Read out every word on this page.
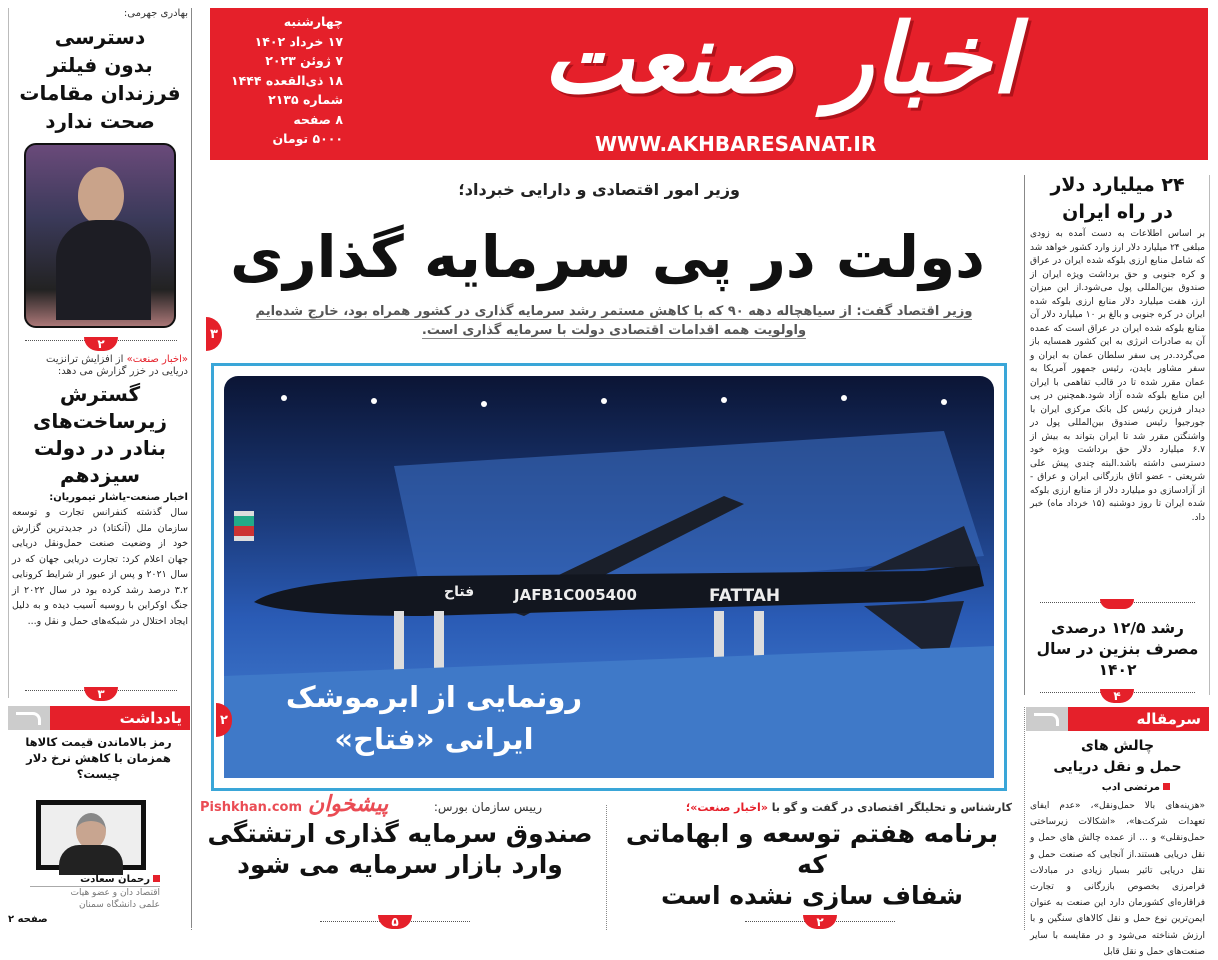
چهارشنبه
۱۷ خرداد ۱۴۰۲
۷ ژوئن ۲۰۲۳
۱۸ ذی‌القعده ۱۴۴۴
شماره ۲۱۳۵
۸ صفحه
۵۰۰۰ تومان
اخبار صنعت
WWW.AKHBARESANAT.IR
وزیر امور اقتصادی و دارایی خبرداد؛
دولت در پی سرمایه گذاری
وزیر اقتصاد گفت: از سیاهچاله دهه ۹۰ که با کاهش مستمر رشد سرمایه گذاری در کشور همراه بود، خارج شده‌ایم
واولویت همه اقدامات اقتصادی دولت با سرمایه گذاری است.
۳
JAFB1C005400	FATTAH
فتاح
رونمایی از ابرموشک
ایرانی «فتاح»
۲
کارشناس و تحلیلگر اقتصادی در گفت و گو با «اخبار صنعت»؛
برنامه هفتم توسعه و ابهاماتی که
شفاف سازی نشده است
۲
رییس سازمان بورس:
صندوق سرمایه گذاری ارتشتگی
وارد بازار سرمایه می شود
۵
Pishkhan.com پیشخوان
بهادری جهرمی:
دسترسی
بدون فیلتر
فرزندان مقامات
صحت ندارد
۲
«اخبار صنعت» از افزایش ترانزیت
دریایی در خزر گزارش می دهد:
گسترش
زیرساخت‌های
بنادر در دولت
سیزدهم
اخبار صنعت-یاشار تیموریان:
سال گذشته کنفرانس تجارت و توسعه سازمان ملل (آنکتاد) در جدیدترین گزارش خود از وضعیت صنعت حمل‌ونقل دریایی جهان اعلام کرد: تجارت دریایی جهان که در سال ۲۰۲۱ و پس از عبور از شرایط کرونایی ۳.۲ درصد رشد کرده بود در سال ۲۰۲۲ از جنگ اوکراین با روسیه آسیب دیده و به دلیل ایجاد اختلال در شبکه‌های حمل و نقل و...
۳
یادداشت
رمز بالاماندن قیمت کالاها
همزمان با کاهش نرخ دلار چیست؟
رحمان سعادت
اقتصاد دان و عضو هیات
علمی دانشگاه سمنان
صفحه ۲
۲۴ میلیارد دلار
در راه ایران
بر اساس اطلاعات به دست آمده به زودی مبلغی ۲۴ میلیارد دلار ارز وارد کشور خواهد شد که شامل منابع ارزی بلوکه شده ایران در عراق و کره جنوبی و حق برداشت ویژه ایران از صندوق بین‌المللی پول می‌شود.از این میزان ارز، هفت میلیارد دلار منابع ارزی بلوکه شده ایران در کره جنوبی و بالغ بر ۱۰ میلیارد دلار آن منابع بلوکه شده ایران در عراق است که عمده آن به صادرات انرژی به این کشور همسایه باز می‌گردد.در پی سفر سلطان عمان به ایران و سفر مشاور بایدن، رئیس جمهور آمریکا به عمان مقرر شده تا در قالب تفاهمی با ایران این منابع بلوکه شده آزاد شود.همچنین در پی دیدار فرزین رئیس کل بانک مرکزی ایران با جورجیوا رئیس صندوق بین‌المللی پول در واشنگتن مقرر شد تا ایران بتواند به بیش از ۶.۷ میلیارد دلار حق برداشت ویژه خود دسترسی داشته باشد.البته چندی پیش علی شریعتی - عضو اتاق بازرگانی ایران و عراق - از آزادسازی دو میلیارد دلار از منابع ارزی بلوکه شده ایران تا روز دوشنبه (۱۵ خرداد ماه) خبر داد.
رشد ۱۲/۵ درصدی
مصرف بنزین در سال
۱۴۰۲
۴
سرمقاله
چالش های
حمل و نقل دریایی
مرتضی ادب
«هزینه‌های بالا حمل‌ونقل»، «عدم ایفای تعهدات شرکت‌ها»، «اشکالات زیرساختی حمل‌ونقلی» و ... از عمده چالش های حمل و نقل دریایی هستند.از آنجایی که صنعت حمل و نقل دریایی تاثیر بسیار زیادی در مبادلات فرامرزی بخصوص بازرگانی و تجارت فراقاره‌ای کشورمان دارد این صنعت به عنوان ایمن‌ترین نوع حمل و نقل کالاهای سنگین و با ارزش شناخته می‌شود و در مقایسه با سایر صنعت‌های حمل و نقل قابل
